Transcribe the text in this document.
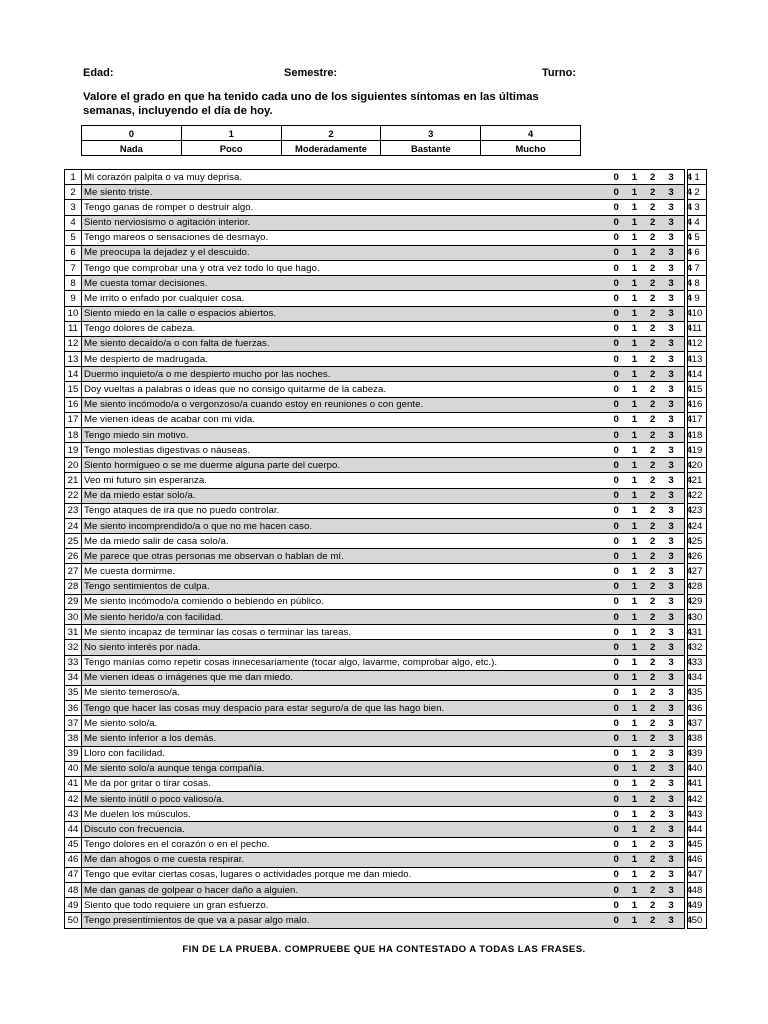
Edad:	Semestre:	Turno:
Valore el grado en que ha tenido cada uno de los siguientes síntomas en las últimas semanas, incluyendo el día de hoy.
0	1	2	3	4
Nada	Poco	Moderadamente	Bastante	Mucho
1	Mi corazón palpita o va muy deprisa. 0 1 2 3 4		1
2	Me siento triste. 0 1 2 3 4		2
3	Tengo ganas de romper o destruir algo. 0 1 2 3 4		3
4	Siento nerviosismo o agitación interior. 0 1 2 3 4		4
5	Tengo mareos o sensaciones de desmayo. 0 1 2 3 4		5
6	Me preocupa la dejadez y el descuido. 0 1 2 3 4		6
7	Tengo que comprobar una y otra vez todo lo que hago. 0 1 2 3 4		7
8	Me cuesta tomar decisiones. 0 1 2 3 4		8
9	Me irrito o enfado por cualquier cosa. 0 1 2 3 4		9
10	Siento miedo en la calle o espacios abiertos. 0 1 2 3 4		10
11	Tengo dolores de cabeza. 0 1 2 3 4		11
12	Me siento decaído/a o con falta de fuerzas. 0 1 2 3 4		12
13	Me despierto de madrugada. 0 1 2 3 4		13
14	Duermo inquieto/a o me despierto mucho por las noches. 0 1 2 3 4		14
15	Doy vueltas a palabras o ideas que no consigo quitarme de la cabeza. 0 1 2 3 4		15
16	Me siento incómodo/a o vergonzoso/a cuando estoy en reuniones o con gente. 0 1 2 3 4		16
17	Me vienen ideas de acabar con mi vida. 0 1 2 3 4		17
18	Tengo miedo sin motivo. 0 1 2 3 4		18
19	Tengo molestias digestivas o náuseas. 0 1 2 3 4		19
20	Siento hormigueo o se me duerme alguna parte del cuerpo. 0 1 2 3 4		20
21	Veo mi futuro sin esperanza. 0 1 2 3 4		21
22	Me da miedo estar solo/a. 0 1 2 3 4		22
23	Tengo ataques de ira que no puedo controlar. 0 1 2 3 4		23
24	Me siento incomprendido/a o que no me hacen caso. 0 1 2 3 4		24
25	Me da miedo salir de casa solo/a. 0 1 2 3 4		25
26	Me parece que otras personas me observan o hablan de mí. 0 1 2 3 4		26
27	Me cuesta dormirme. 0 1 2 3 4		27
28	Tengo sentimientos de culpa. 0 1 2 3 4		28
29	Me siento incómodo/a comiendo o bebiendo en público. 0 1 2 3 4		29
30	Me siento herido/a con facilidad. 0 1 2 3 4		30
31	Me siento incapaz de terminar las cosas o terminar las tareas. 0 1 2 3 4		31
32	No siento interés por nada. 0 1 2 3 4		32
33	Tengo manías como repetir cosas innecesariamente (tocar algo, lavarme, comprobar algo, etc.). 0 1 2 3 4		33
34	Me vienen ideas o imágenes que me dan miedo. 0 1 2 3 4		34
35	Me siento temeroso/a. 0 1 2 3 4		35
36	Tengo que hacer las cosas muy despacio para estar seguro/a de que las hago bien. 0 1 2 3 4		36
37	Me siento solo/a. 0 1 2 3 4		37
38	Me siento inferior a los demás. 0 1 2 3 4		38
39	Lloro con facilidad. 0 1 2 3 4		39
40	Me siento solo/a aunque tenga compañía. 0 1 2 3 4		40
41	Me da por gritar o tirar cosas. 0 1 2 3 4		41
42	Me siento inútil o poco valioso/a. 0 1 2 3 4		42
43	Me duelen los músculos. 0 1 2 3 4		43
44	Discuto con frecuencia. 0 1 2 3 4		44
45	Tengo dolores en el corazón o en el pecho. 0 1 2 3 4		45
46	Me dan ahogos o me cuesta respirar. 0 1 2 3 4		46
47	Tengo que evitar ciertas cosas, lugares o actividades porque me dan miedo. 0 1 2 3 4		47
48	Me dan ganas de golpear o hacer daño a alguien. 0 1 2 3 4		48
49	Siento que todo requiere un gran esfuerzo. 0 1 2 3 4		49
50	Tengo presentimientos de que va a pasar algo malo. 0 1 2 3 4		50
FIN DE LA PRUEBA. COMPRUEBE QUE HA CONTESTADO A TODAS LAS FRASES.
